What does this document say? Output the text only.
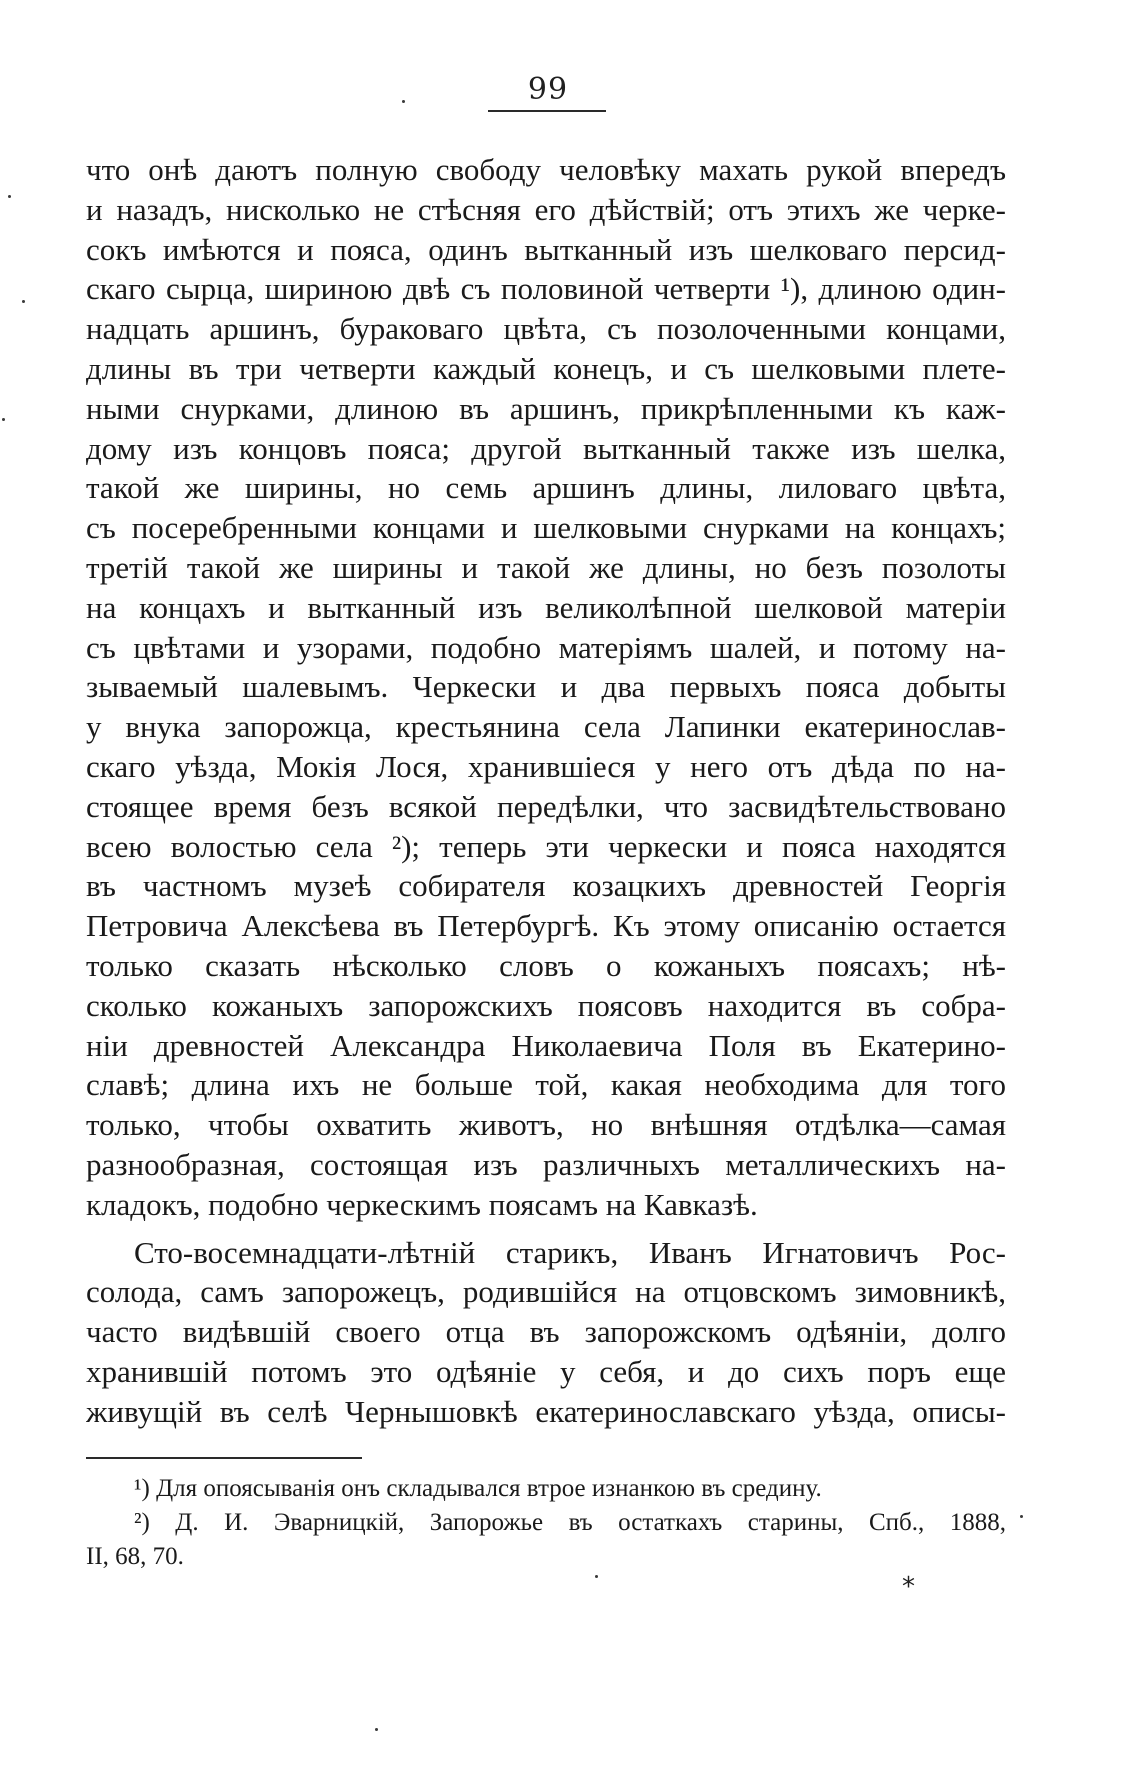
99
что онѣ даютъ полную свободу человѣку махать рукой впередъ
и назадъ, нисколько не стѣсняя его дѣйствій; отъ этихъ же черке-
сокъ имѣются и пояса, одинъ вытканный изъ шелковаго персид-
скаго сырца, шириною двѣ съ половиной четверти ¹), длиною один-
надцать аршинъ, бураковаго цвѣта, съ позолоченными концами,
длины въ три четверти каждый конецъ, и съ шелковыми плете-
ными снурками, длиною въ аршинъ, прикрѣпленными къ каж-
дому изъ концовъ пояса; другой вытканный также изъ шелка,
такой же ширины, но семь аршинъ длины, лиловаго цвѣта,
съ посеребренными концами и шелковыми снурками на концахъ;
третій такой же ширины и такой же длины, но безъ позолоты
на концахъ и вытканный изъ великолѣпной шелковой матеріи
съ цвѣтами и узорами, подобно матеріямъ шалей, и потому на-
зываемый шалевымъ. Черкески и два первыхъ пояса добыты
у внука запорожца, крестьянина села Лапинки екатеринослав-
скаго уѣзда, Мокія Лося, хранившіеся у него отъ дѣда по на-
стоящее время безъ всякой передѣлки, что засвидѣтельствовано
всею волостью села ²); теперь эти черкески и пояса находятся
въ частномъ музеѣ собирателя козацкихъ древностей Георгія
Петровича Алексѣева въ Петербургѣ. Къ этому описанію остается
только сказать нѣсколько словъ о кожаныхъ поясахъ; нѣ-
сколько кожаныхъ запорожскихъ поясовъ находится въ собра-
ніи древностей Александра Николаевича Поля въ Екатерино-
славѣ; длина ихъ не больше той, какая необходима для того
только, чтобы охватить животъ, но внѣшняя отдѣлка—самая
разнообразная, состоящая изъ различныхъ металлическихъ на-
кладокъ, подобно черкескимъ поясамъ на Кавказѣ.
Сто-восемнадцати-лѣтній старикъ, Иванъ Игнатовичъ Рос-
солода, самъ запорожецъ, родившійся на отцовскомъ зимовникѣ,
часто видѣвшій своего отца въ запорожскомъ одѣяніи, долго
хранившій потомъ это одѣяніе у себя, и до сихъ поръ еще
живущій въ селѣ Чернышовкѣ екатеринославскаго уѣзда, описы-
¹) Для опоясыванія онъ складывался втрое изнанкою въ средину.
²) Д. И. Эварницкій, Запорожье въ остаткахъ старины, Спб., 1888,
II, 68, 70.
*
